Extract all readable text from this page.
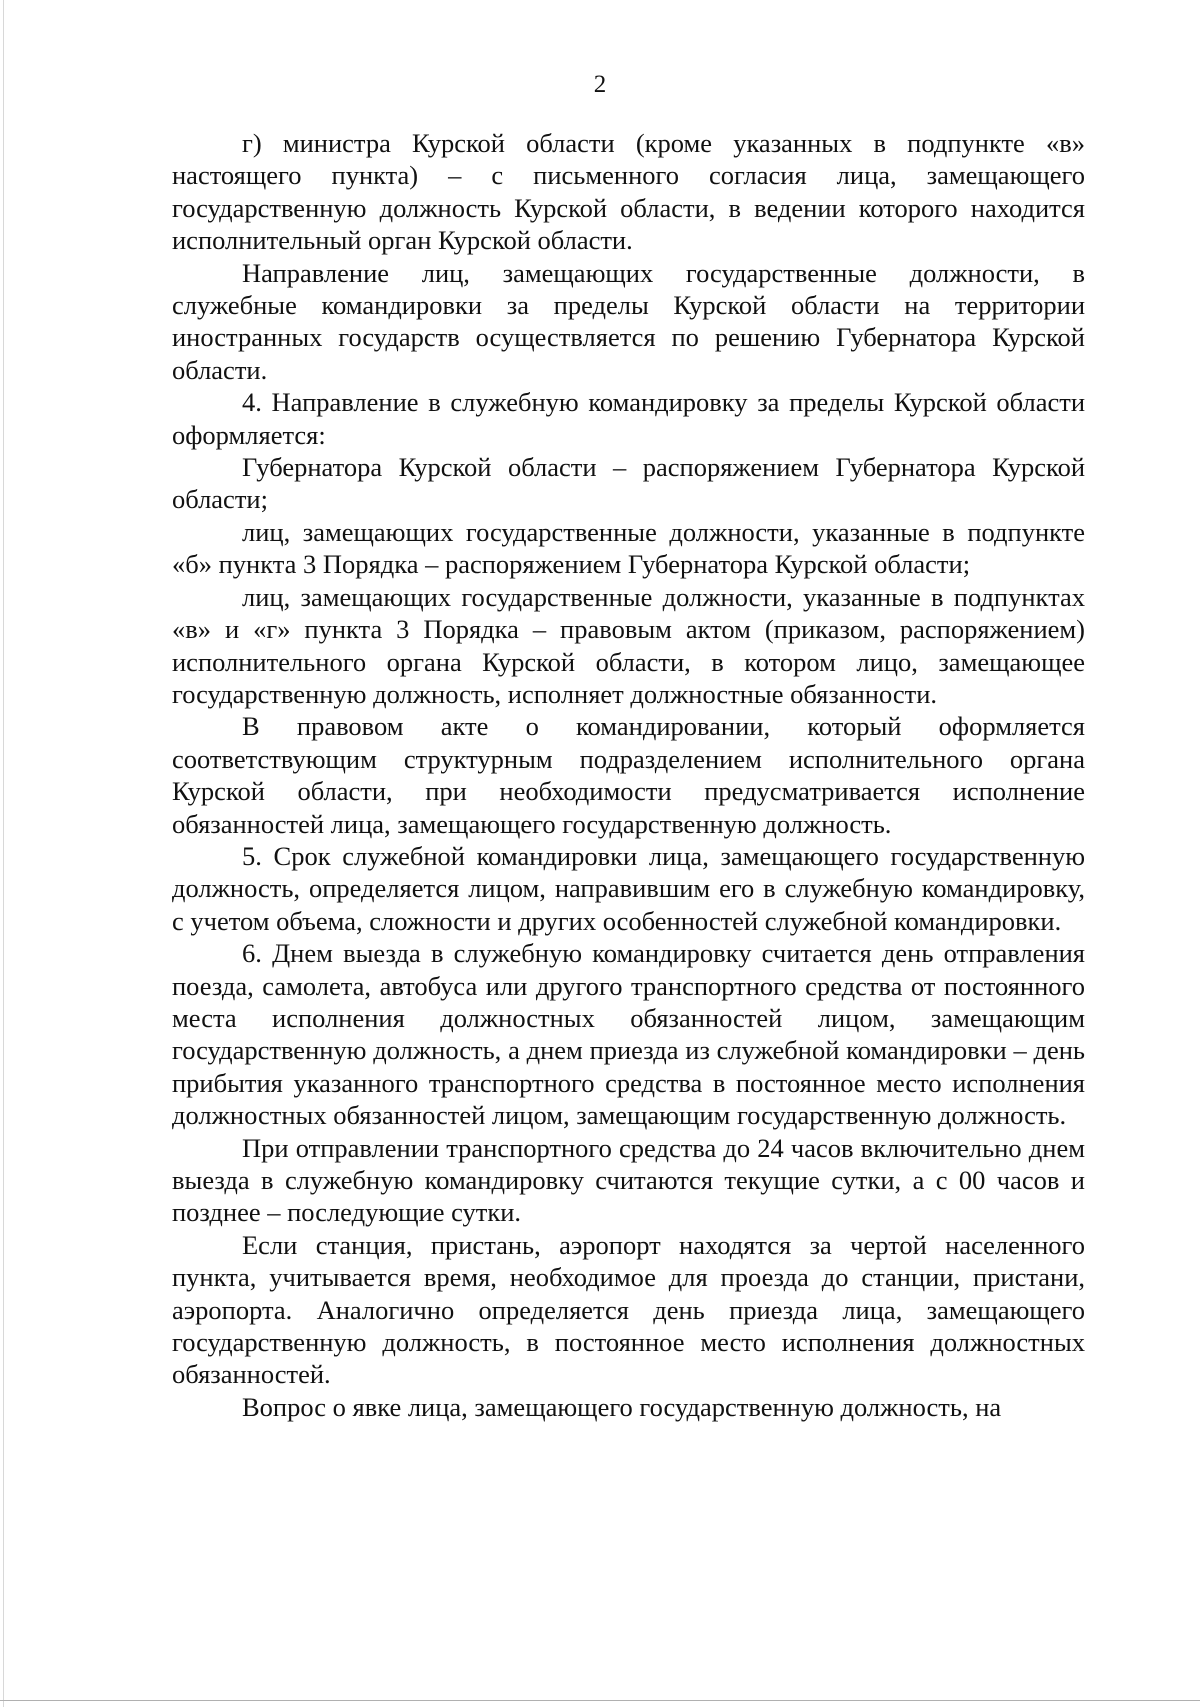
2

г) министра Курской области (кроме указанных в подпункте «в» настоящего пункта) – с письменного согласия лица, замещающего государственную должность Курской области, в ведении которого находится исполнительный орган Курской области.

Направление лиц, замещающих государственные должности, в служебные командировки за пределы Курской области на территории иностранных государств осуществляется по решению Губернатора Курской области.

4. Направление в служебную командировку за пределы Курской области оформляется:

Губернатора Курской области – распоряжением Губернатора Курской области;

лиц, замещающих государственные должности, указанные в подпункте «б» пункта 3 Порядка – распоряжением Губернатора Курской области;

лиц, замещающих государственные должности, указанные в подпунктах «в» и «г» пункта 3 Порядка – правовым актом (приказом, распоряжением) исполнительного органа Курской области, в котором лицо, замещающее государственную должность, исполняет должностные обязанности.

В правовом акте о командировании, который оформляется соответствующим структурным подразделением исполнительного органа Курской области, при необходимости предусматривается исполнение обязанностей лица, замещающего государственную должность.

5. Срок служебной командировки лица, замещающего государственную должность, определяется лицом, направившим его в служебную командировку, с учетом объема, сложности и других особенностей служебной командировки.

6. Днем выезда в служебную командировку считается день отправления поезда, самолета, автобуса или другого транспортного средства от постоянного места исполнения должностных обязанностей лицом, замещающим государственную должность, а днем приезда из служебной командировки – день прибытия указанного транспортного средства в постоянное место исполнения должностных обязанностей лицом, замещающим государственную должность.

При отправлении транспортного средства до 24 часов включительно днем выезда в служебную командировку считаются текущие сутки, а с 00 часов и позднее – последующие сутки.

Если станция, пристань, аэропорт находятся за чертой населенного пункта, учитывается время, необходимое для проезда до станции, пристани, аэропорта. Аналогично определяется день приезда лица, замещающего государственную должность, в постоянное место исполнения должностных обязанностей.

Вопрос о явке лица, замещающего государственную должность, на
